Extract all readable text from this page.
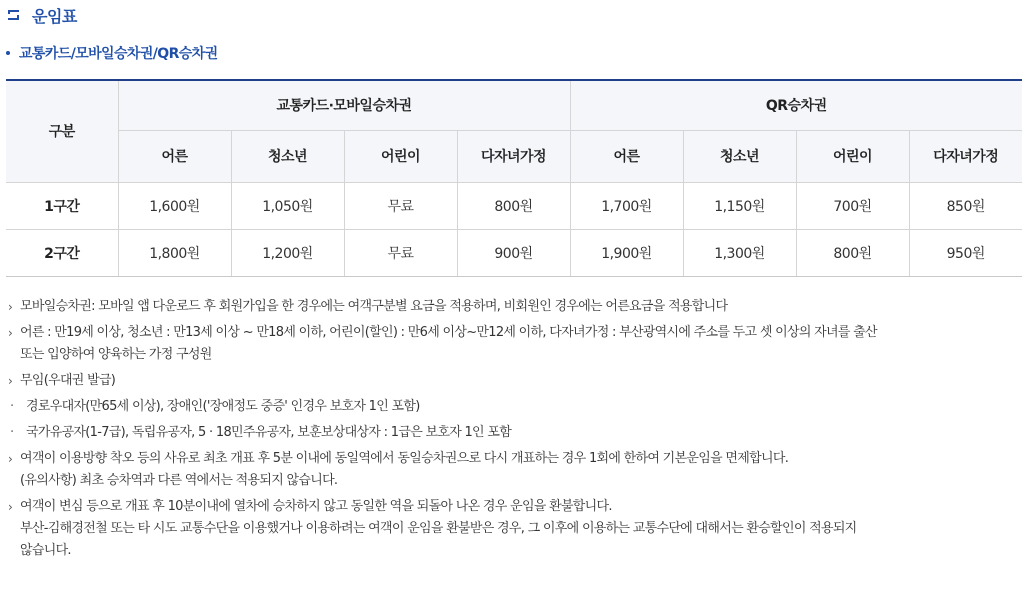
운임표
교통카드/모바일승차권/QR승차권
구분	교통카드·모바일승차권				QR승차권			
	어른	청소년	어린이	다자녀가정	어른	청소년	어린이	다자녀가정
1구간	1,600원	1,050원	무료	800원	1,700원	1,150원	700원	850원
2구간	1,800원	1,200원	무료	900원	1,900원	1,300원	800원	950원
› 모바일승차권: 모바일 앱 다운로드 후 회원가입을 한 경우에는 여객구분별 요금을 적용하며, 비회원인 경우에는 어른요금을 적용합니다
› 어른 : 만19세 이상, 청소년 : 만13세 이상 ~ 만18세 이하, 어린이(할인) : 만6세 이상~만12세 이하, 다자녀가정 : 부산광역시에 주소를 두고 셋 이상의 자녀를 출산
또는 입양하여 양육하는 가정 구성원
› 무임(우대권 발급)
· 경로우대자(만65세 이상), 장애인('장애정도 중증' 인경우 보호자 1인 포함)
· 국가유공자(1-7급), 독립유공자, 5 · 18민주유공자, 보훈보상대상자 : 1급은 보호자 1인 포함
› 여객이 이용방향 착오 등의 사유로 최초 개표 후 5분 이내에 동일역에서 동일승차권으로 다시 개표하는 경우 1회에 한하여 기본운임을 면제합니다.
(유의사항) 최초 승차역과 다른 역에서는 적용되지 않습니다.
› 여객이 변심 등으로 개표 후 10분이내에 열차에 승차하지 않고 동일한 역을 되돌아 나온 경우 운임을 환불합니다.
부산-김해경전철 또는 타 시도 교통수단을 이용했거나 이용하려는 여객이 운임을 환불받은 경우, 그 이후에 이용하는 교통수단에 대해서는 환승할인이 적용되지
않습니다.
